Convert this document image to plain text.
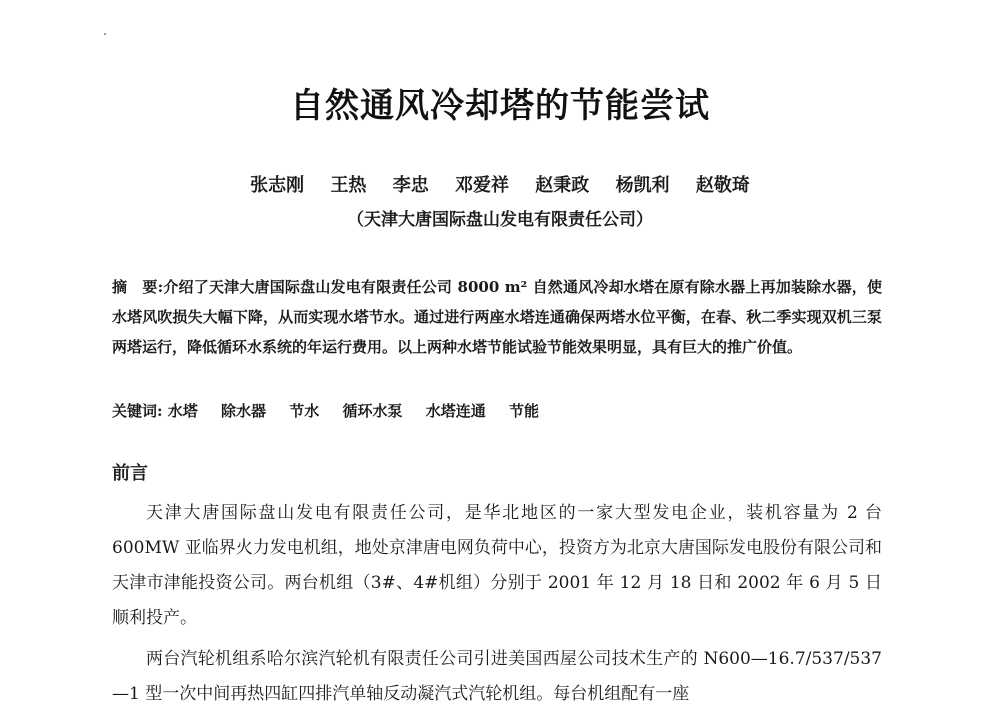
自然通风冷却塔的节能尝试
张志刚 王热 李忠 邓爱祥 赵秉政 杨凯利 赵敬琦
（天津大唐国际盘山发电有限责任公司）
摘　要:介绍了天津大唐国际盘山发电有限责任公司 8000 m² 自然通风冷却水塔在原有除水器上再加装除水器，使水塔风吹损失大幅下降，从而实现水塔节水。通过进行两座水塔连通确保两塔水位平衡，在春、秋二季实现双机三泵两塔运行，降低循环水系统的年运行费用。以上两种水塔节能试验节能效果明显，具有巨大的推广价值。
关键词: 水塔 除水器 节水 循环水泵 水塔连通 节能
前言

天津大唐国际盘山发电有限责任公司，是华北地区的一家大型发电企业，装机容量为 2 台 600MW 亚临界火力发电机组，地处京津唐电网负荷中心，投资方为北京大唐国际发电股份有限公司和天津市津能投资公司。两台机组（3#、4#机组）分别于 2001 年 12 月 18 日和 2002 年 6 月 5 日顺利投产。

两台汽轮机组系哈尔滨汽轮机有限责任公司引进美国西屋公司技术生产的 N600—16.7/537/537—1 型一次中间再热四缸四排汽单轴反动凝汽式汽轮机组。每台机组配有一座
